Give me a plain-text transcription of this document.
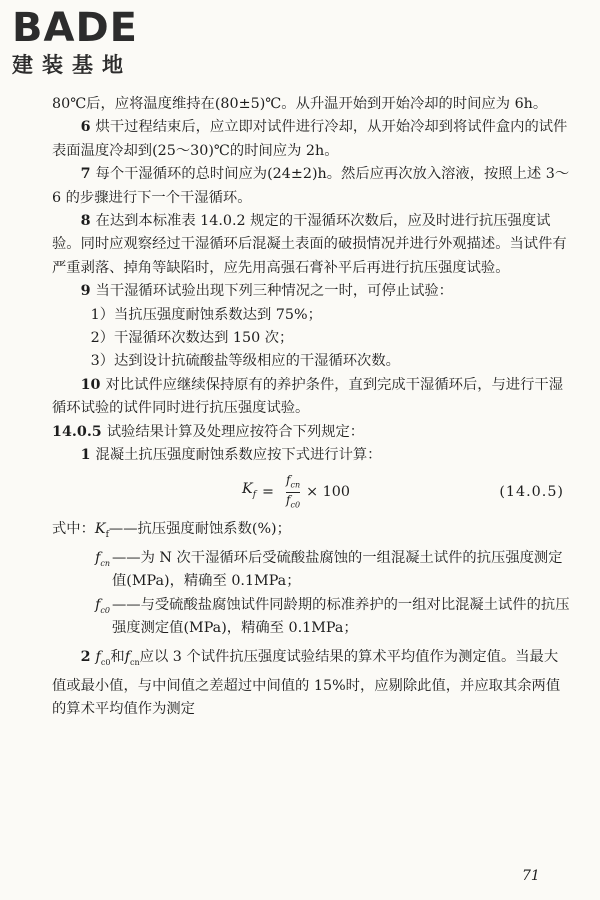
BADE
建装基地

80℃后，应将温度维持在(80±5)℃。从升温开始到开始冷却的时间应为 6h。

6 烘干过程结束后，应立即对试件进行冷却，从开始冷却到将试件盒内的试件表面温度冷却到(25～30)℃的时间应为 2h。

7 每个干湿循环的总时间应为(24±2)h。然后应再次放入溶液，按照上述 3～6 的步骤进行下一个干湿循环。

8 在达到本标准表 14.0.2 规定的干湿循环次数后，应及时进行抗压强度试验。同时应观察经过干湿循环后混凝土表面的破损情况并进行外观描述。当试件有严重剥落、掉角等缺陷时，应先用高强石膏补平后再进行抗压强度试验。

9 当干湿循环试验出现下列三种情况之一时，可停止试验：

1）当抗压强度耐蚀系数达到 75%；

2）干湿循环次数达到 150 次；

3）达到设计抗硫酸盐等级相应的干湿循环次数。

10 对比试件应继续保持原有的养护条件，直到完成干湿循环后，与进行干湿循环试验的试件同时进行抗压强度试验。

14.0.5 试验结果计算及处理应按符合下列规定：

1 混凝土抗压强度耐蚀系数应按下式进行计算：

$K_f = \frac{f_{cn}}{f_{c0}} \times 100$	(14.0.5)

式中：$K_f——$抗压强度耐蚀系数(%)；

$f_{cn}$ ——为 N 次干湿循环后受硫酸盐腐蚀的一组混凝土试件的抗压强度测定值(MPa)，精确至 0.1MPa；
$f_{c0}$ ——与受硫酸盐腐蚀试件同龄期的标准养护的一组对比混凝土试件的抗压强度测定值(MPa)，精确至 0.1MPa；

2 $f_{c0}$和$f_{cn}$应以 3 个试件抗压强度试验结果的算术平均值作为测定值。当最大值或最小值，与中间值之差超过中间值的 15%时，应剔除此值，并应取其余两值的算术平均值作为测定

71
